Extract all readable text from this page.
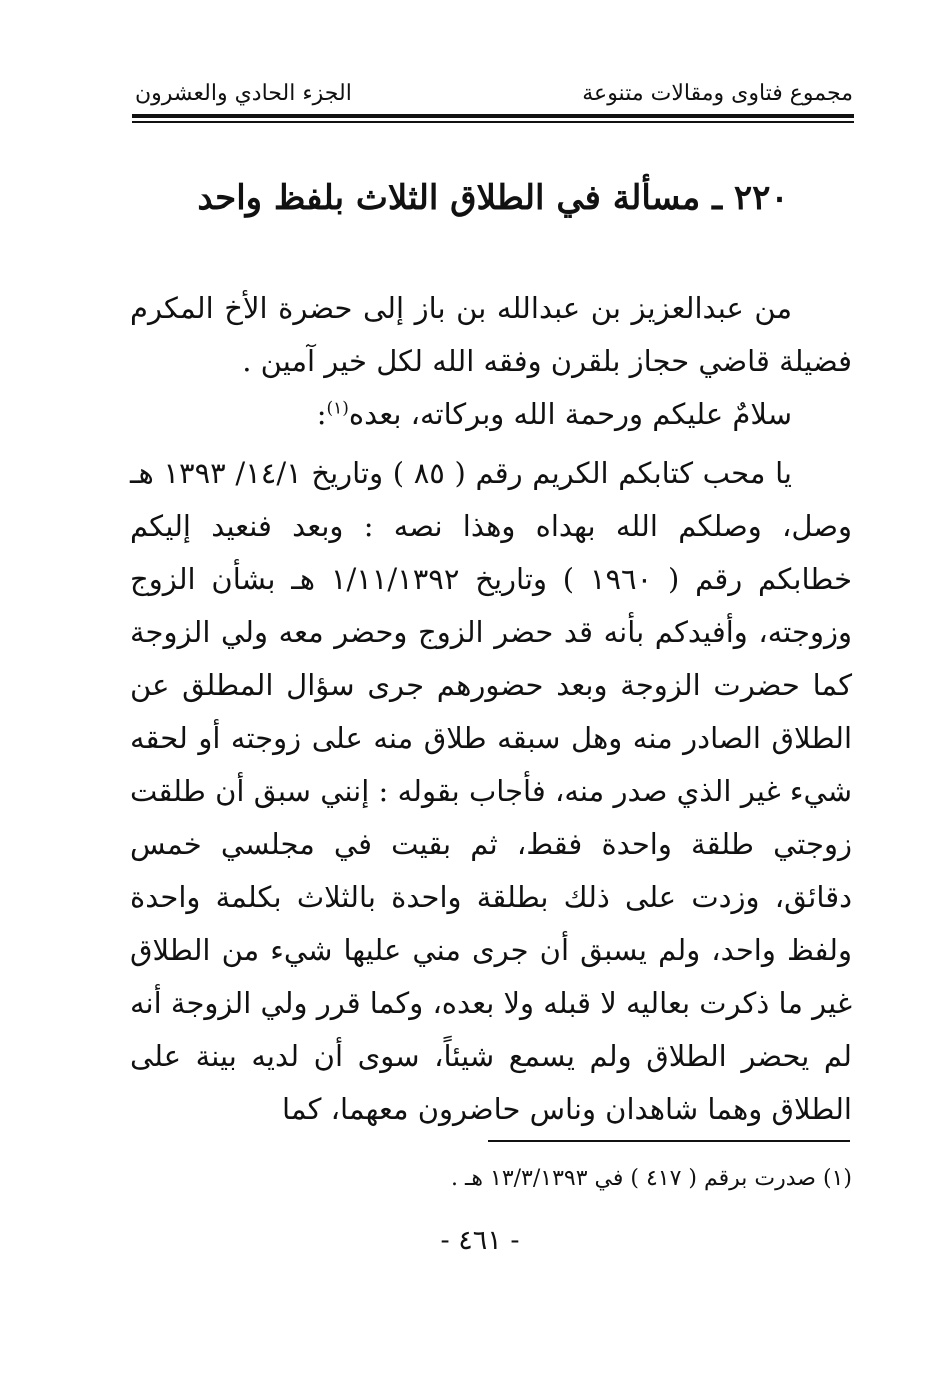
مجموع فتاوى ومقالات متنوعة
الجزء الحادي والعشرون
٢٢٠ ـ مسألة في الطلاق الثلاث بلفظ واحد

من عبدالعزيز بن عبدالله بن باز إلى حضرة الأخ المكرم فضيلة قاضي حجاز بلقرن وفقه الله لكل خير آمين .

سلامٌ عليكم ورحمة الله وبركاته، بعده$^{(١)}$:

يا محب كتابكم الكريم رقم ( ٨٥ ) وتاريخ ١٤/١/ ١٣٩٣ هـ وصل، وصلكم الله بهداه وهذا نصه : وبعد فنعيد إليكم خطابكم رقم ( ١٩٦٠ ) وتاريخ ١/١١/١٣٩٢ هـ بشأن الزوج وزوجته، وأفيدكم بأنه قد حضر الزوج وحضر معه ولي الزوجة كما حضرت الزوجة وبعد حضورهم جرى سؤال المطلق عن الطلاق الصادر منه وهل سبقه طلاق منه على زوجته أو لحقه شيء غير الذي صدر منه، فأجاب بقوله : إنني سبق أن طلقت زوجتي طلقة واحدة فقط، ثم بقيت في مجلسي خمس دقائق، وزدت على ذلك بطلقة واحدة بالثلاث بكلمة واحدة ولفظ واحد، ولم يسبق أن جرى مني عليها شيء من الطلاق غير ما ذكرت بعاليه لا قبله ولا بعده، وكما قرر ولي الزوجة أنه لم يحضر الطلاق ولم يسمع شيئاً، سوى أن لديه بينة على الطلاق وهما شاهدان وناس حاضرون معهما، كما

(١) صدرت برقم ( ٤١٧ ) في ١٣/٣/١٣٩٣ هـ .
- ٤٦١ -
